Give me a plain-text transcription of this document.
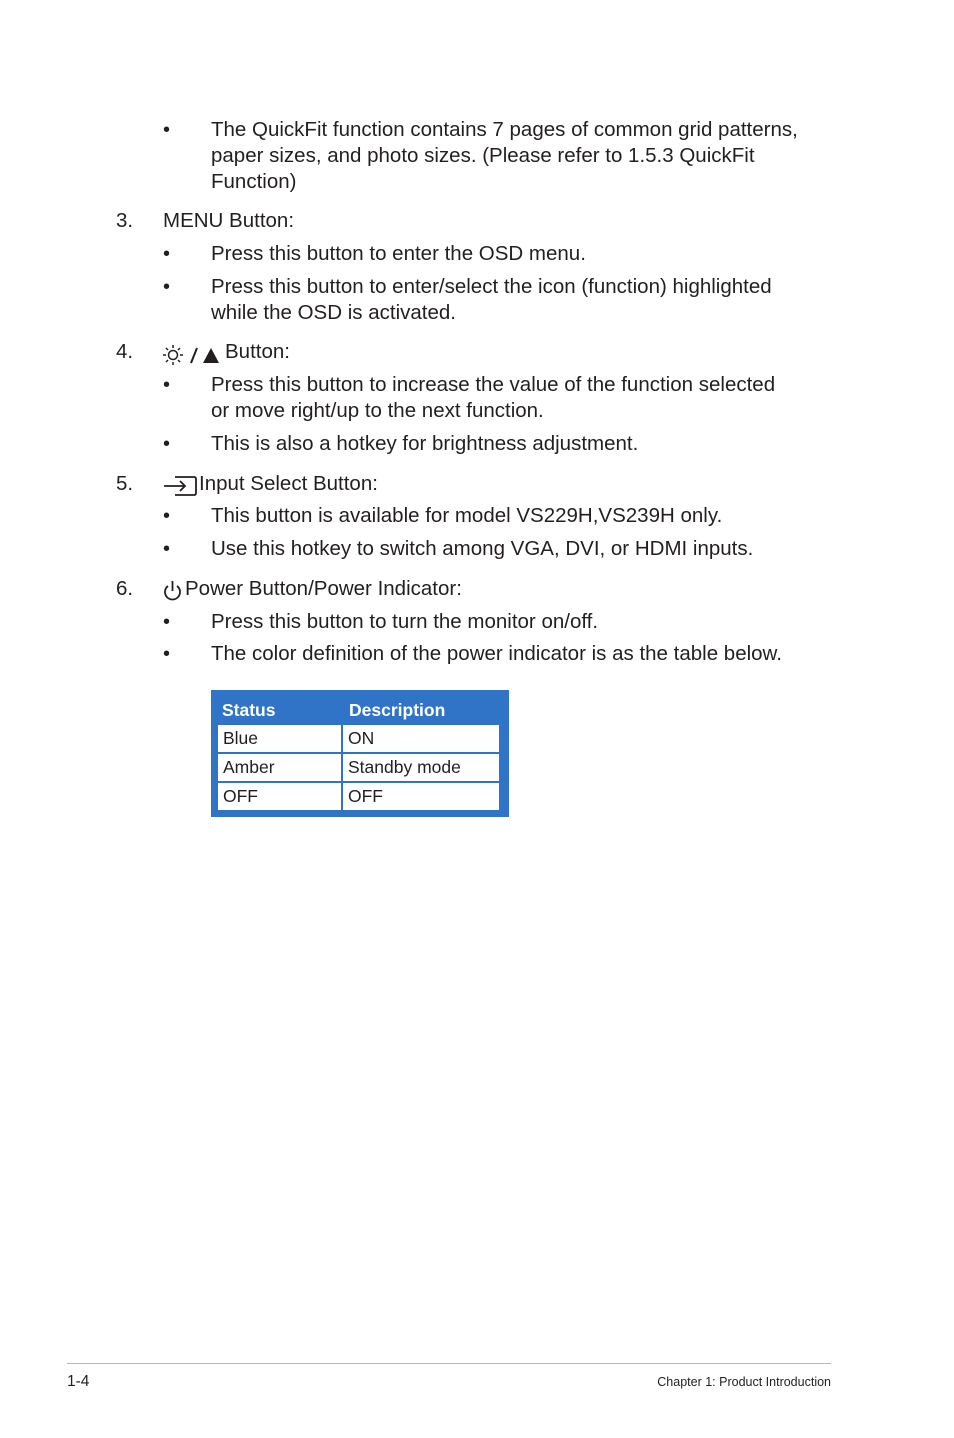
• The QuickFit function contains 7 pages of common grid patterns,
paper sizes, and photo sizes. (Please refer to 1.5.3 QuickFit
Function)
3. MENU Button:
• Press this button to enter the OSD menu.
• Press this button to enter/select the icon (function) highlighted
while the OSD is activated.
4.	Button:
• Press this button to increase the value of the function selected
or move right/up to the next function.
• This is also a hotkey for brightness adjustment.
5.	Input Select Button:
• This button is available for model VS229H,VS239H only.
• Use this hotkey to switch among VGA, DVI, or HDMI inputs.
6.	Power Button/Power Indicator:
• Press this button to turn the monitor on/off.
• The color definition of the power indicator is as the table below.
Status	Description
Blue	ON
Amber	Standby mode
OFF	OFF
1-4	Chapter 1: Product Introduction
